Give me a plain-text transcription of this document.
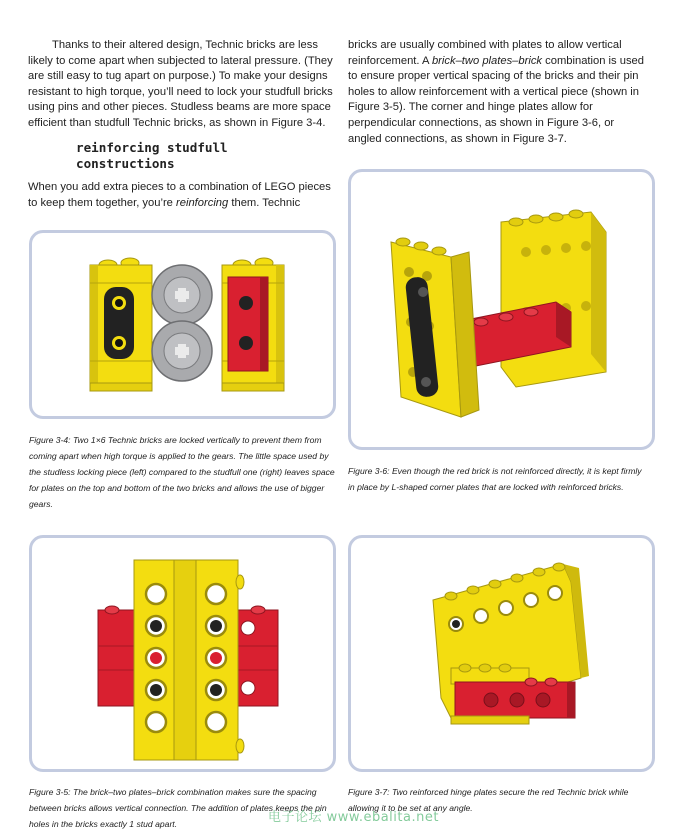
Thanks to their altered design, Technic bricks are less likely to come apart when subjected to lateral pressure. (They are still easy to tug apart on purpose.) To make your designs resistant to high torque, you’ll need to lock your studfull bricks using pins and other pieces. Studless beams are more space efficient than studfull Technic bricks, as shown in Figure 3-4.

reinforcing studfull
constructions

When you add extra pieces to a combination of LEGO pieces to keep them together, you’re reinforcing them. Technic

bricks are usually combined with plates to allow vertical reinforcement. A brick–two plates–brick combination is used to ensure proper vertical spacing of the bricks and their pin holes to allow reinforcement with a vertical piece (shown in Figure 3-5). The corner and hinge plates allow for perpendicular connections, as shown in Figure 3-6, or angled connections, as shown in Figure 3-7.

Figure 3-4: Two 1×6 Technic bricks are locked vertically to prevent them from coming apart when high torque is applied to the gears. The little space used by the studless locking piece (left) compared to the studfull one (right) leaves space for plates on the top and bottom of the two bricks and allows the use of bigger gears.

Figure 3-6: Even though the red brick is not reinforced directly, it is kept firmly in place by L-shaped corner plates that are locked with reinforced bricks.

Figure 3-5: The brick–two plates–brick combination makes sure the spacing between bricks allows vertical connection. The addition of plates keeps the pin holes in the bricks exactly 1 stud apart.

Figure 3-7: Two reinforced hinge plates secure the red Technic brick while allowing it to be set at any angle.

电子论坛 www.ebalita.net
